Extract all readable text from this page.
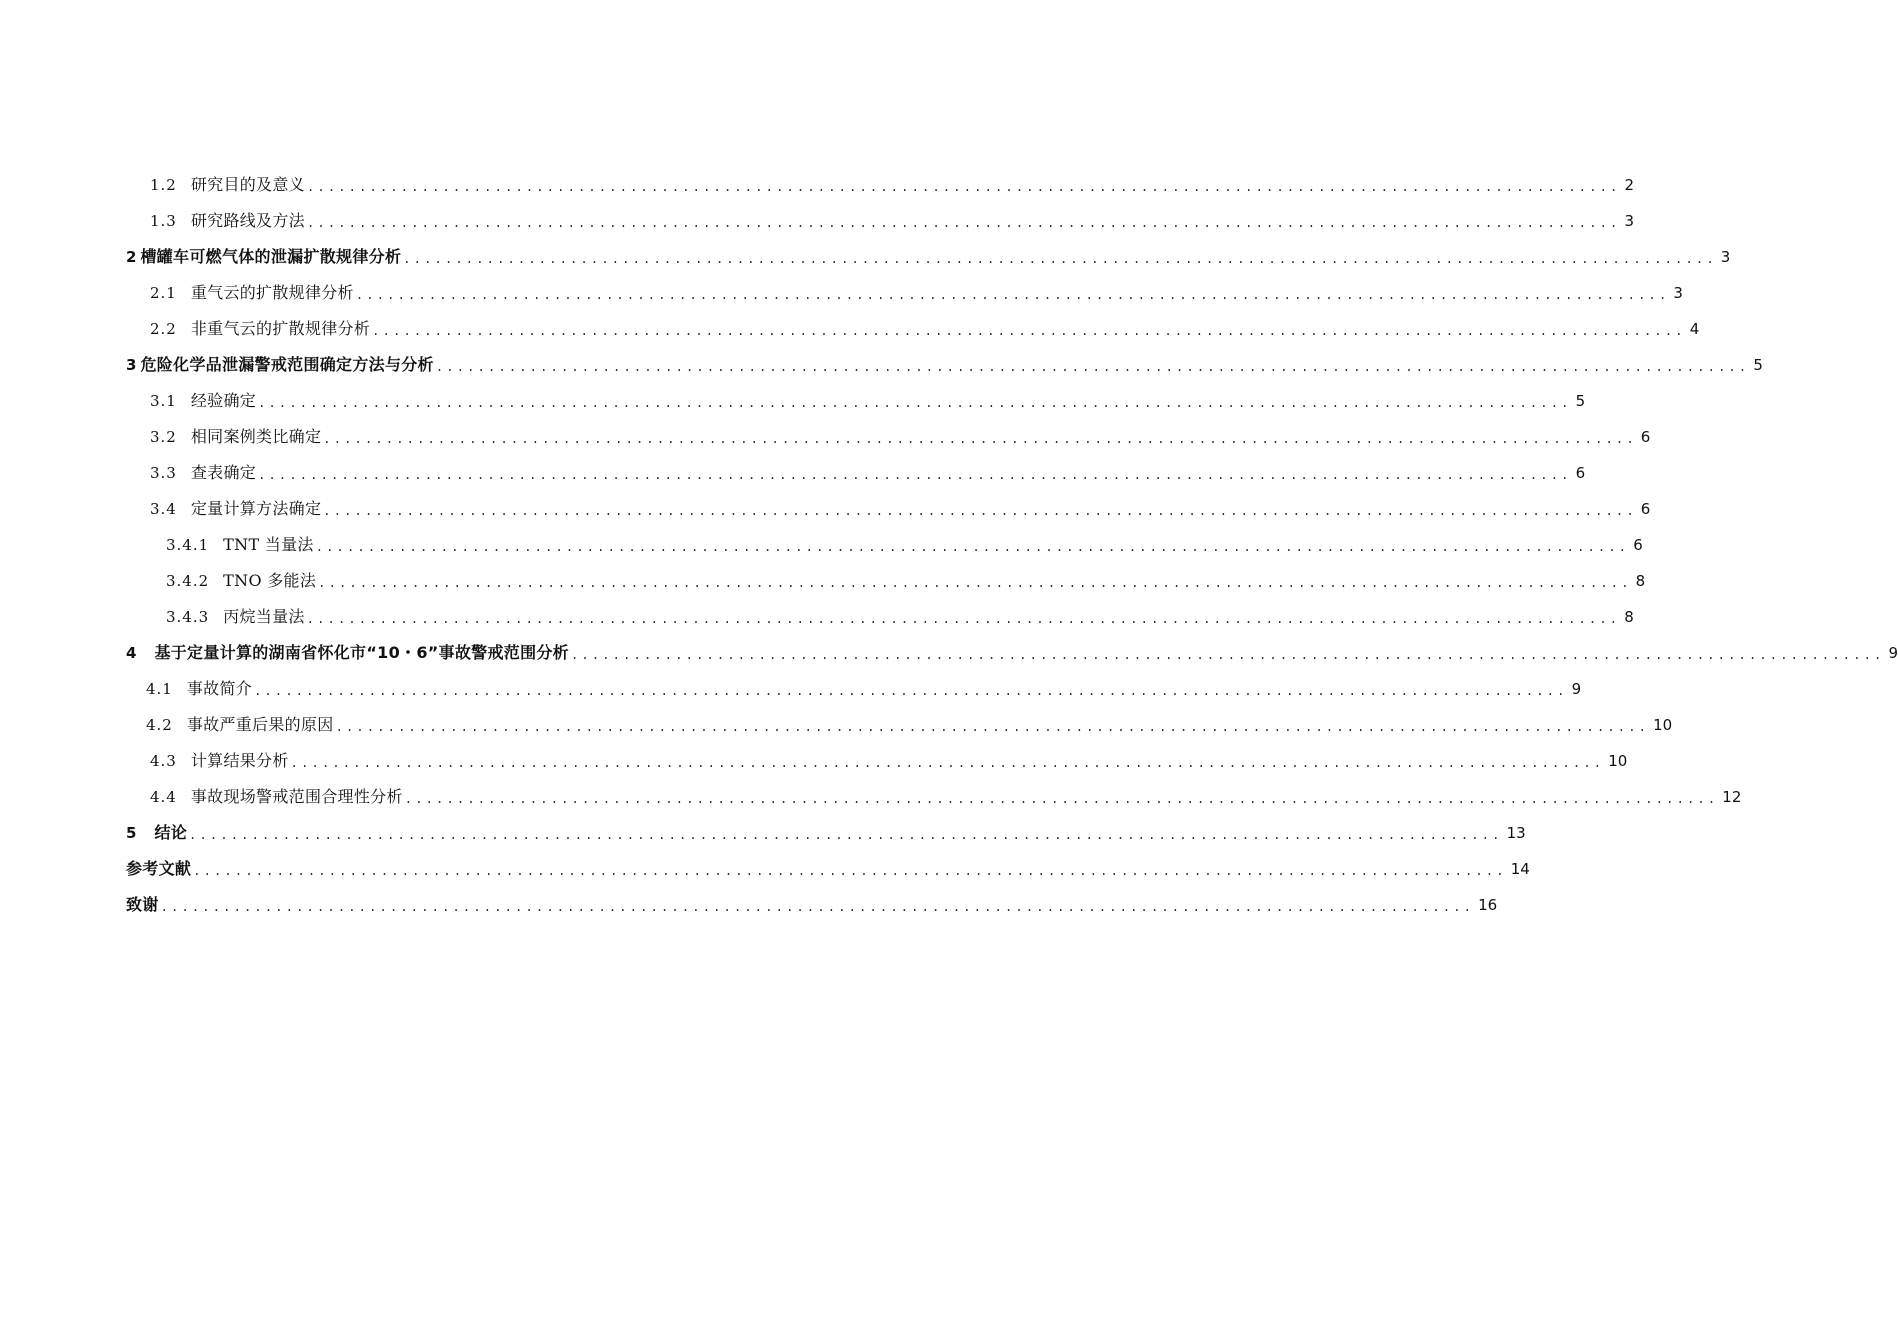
1.2 研究目的及意义 .............................................................................................................................. 2
1.3 研究路线及方法 .............................................................................................................................. 3
2 槽罐车可燃气体的泄漏扩散规律分析 .............................................................................................................................. 3
2.1 重气云的扩散规律分析 .............................................................................................................................. 3
2.2 非重气云的扩散规律分析 .............................................................................................................................. 4
3 危险化学品泄漏警戒范围确定方法与分析 .............................................................................................................................. 5
3.1 经验确定 .............................................................................................................................. 5
3.2 相同案例类比确定 .............................................................................................................................. 6
3.3 查表确定 .............................................................................................................................. 6
3.4 定量计算方法确定 .............................................................................................................................. 6
3.4.1 TNT 当量法 .............................................................................................................................. 6
3.4.2 TNO 多能法 .............................................................................................................................. 8
3.4.3 丙烷当量法 .............................................................................................................................. 8
4 基于定量计算的湖南省怀化市“10・6”事故警戒范围分析 .............................................................................................................................. 9
4.1 事故简介 .............................................................................................................................. 9
4.2 事故严重后果的原因 .............................................................................................................................. 10
4.3 计算结果分析 .............................................................................................................................. 10
4.4 事故现场警戒范围合理性分析 .............................................................................................................................. 12
5 结论 .............................................................................................................................. 13
参考文献 .............................................................................................................................. 14
致谢 .............................................................................................................................. 16
